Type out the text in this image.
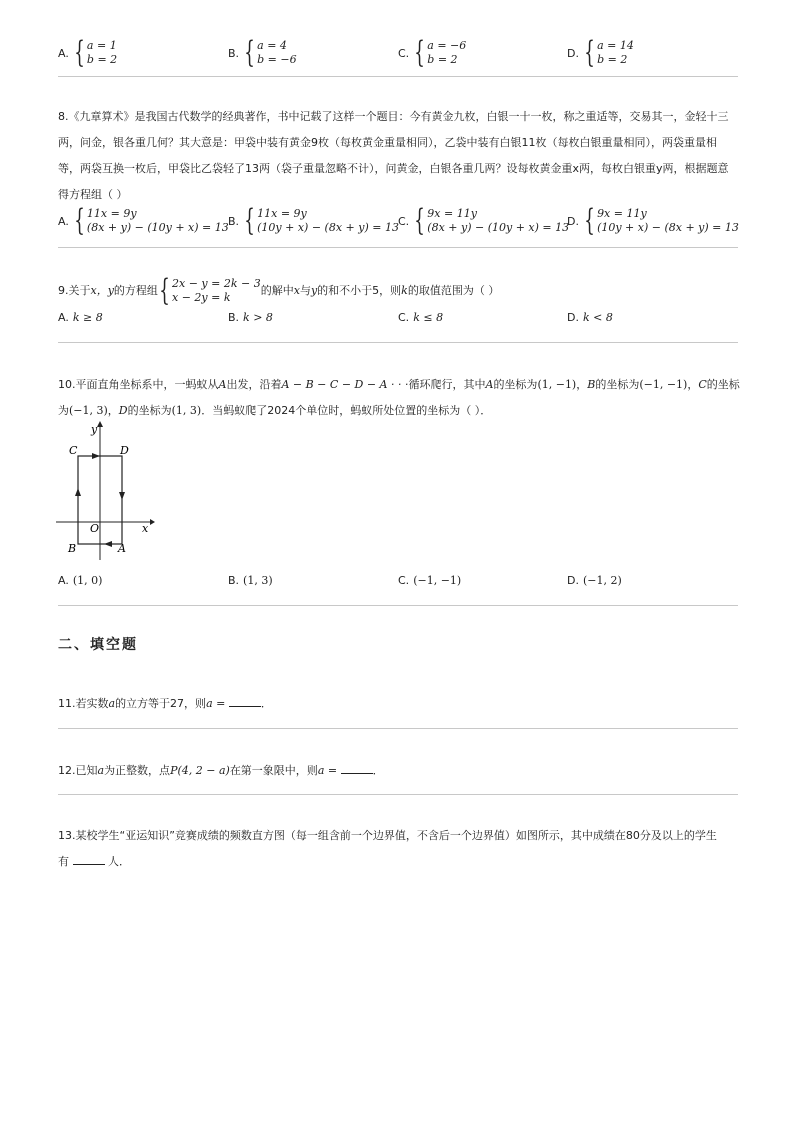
A. { a = 1
b = 2	B. { a = 4
b = −6	C. { a = −6
b = 2	D. { a = 14
b = 2
8.《九章算术》是我国古代数学的经典著作，书中记载了这样一个题目：今有黄金九枚，白银一十一枚，称之重适等，交易其一，金轻十三
两，问金，银各重几何？其大意是：甲袋中装有黄金9枚（每枚黄金重量相同），乙袋中装有白银11枚（每枚白银重量相同），两袋重量相
等，两袋互换一枚后，甲袋比乙袋轻了13两（袋子重量忽略不计），问黄金，白银各重几两？设每枚黄金重x两，每枚白银重y两，根据题意
得方程组（ ）
A. { 11x = 9y
(8x + y) − (10y + x) = 13 B. { 11x = 9y
(10y + x) − (8x + y) = 13 C. { 9x = 11y
(8x + y) − (10y + x) = 13
D. { 9x = 11y
(10y + x) − (8x + y) = 13
9.关于 x，y 的方程组 { 2x − y = 2k − 3
x − 2y = k
的解中 x 与 y 的和不小于5，则 k 的取值范围为（ ）
A. k ≥ 8	B. k > 8	C. k ≤ 8	D. k < 8
10.平面直角坐标系中，一蚂蚁从A出发，沿着A − B − C − D − A · · ·循环爬行，其中A的坐标为(1, −1)，B的坐标为(−1, −1)，C的坐标
为(−1, 3)，D的坐标为(1, 3)．当蚂蚁爬了2024个单位时，蚂蚁所处位置的坐标为（ ）．
y
x
O
C	D
B	A
A. (1, 0)	B. (1, 3)	C. (−1, −1)	D. (−1, 2)
二、填空题
11.若实数a的立方等于27，则a =	．
12.已知a为正整数，点P(4, 2 − a)在第一象限中，则a =	．
13.某校学生“亚运知识”竞赛成绩的频数直方图（每一组含前一个边界值，不含后一个边界值）如图所示，其中成绩在80分及以上的学生
有	人．
